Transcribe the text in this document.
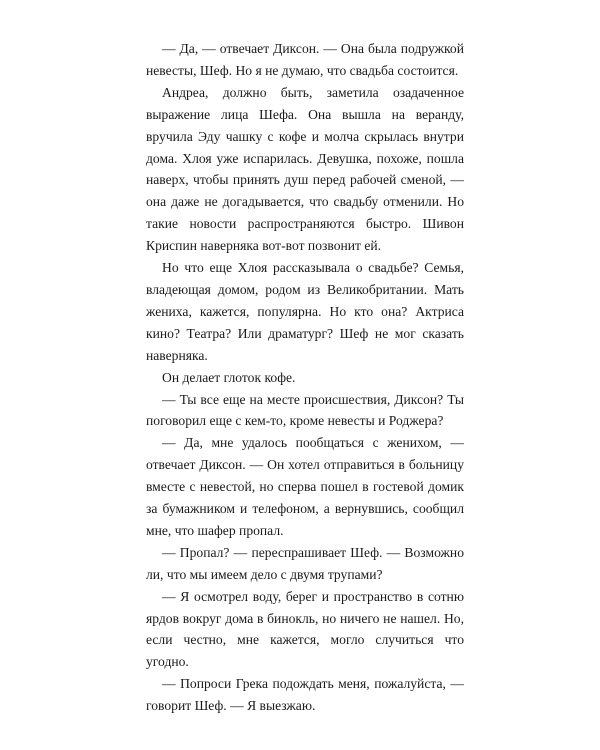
— Да, — отвечает Диксон. — Она была подружкой невесты, Шеф. Но я не думаю, что свадьба состоится.

Андреа, должно быть, заметила озадаченное выражение лица Шефа. Она вышла на веранду, вручила Эду чашку с кофе и молча скрылась внутри дома. Хлоя уже испарилась. Девушка, похоже, пошла наверх, чтобы принять душ перед рабочей сменой, — она даже не догадывается, что свадьбу отменили. Но такие новости распространяются быстро. Шивон Криспин наверняка вот-вот позвонит ей.

Но что еще Хлоя рассказывала о свадьбе? Семья, владеющая домом, родом из Великобритании. Мать жениха, кажется, популярна. Но кто она? Актриса кино? Театра? Или драматург? Шеф не мог сказать наверняка.

Он делает глоток кофе.

— Ты все еще на месте происшествия, Диксон? Ты поговорил еще с кем-то, кроме невесты и Роджера?

— Да, мне удалось пообщаться с женихом, — отвечает Диксон. — Он хотел отправиться в больницу вместе с невестой, но сперва пошел в гостевой домик за бумажником и телефоном, а вернувшись, сообщил мне, что шафер пропал.

— Пропал? — переспрашивает Шеф. — Возможно ли, что мы имеем дело с двумя трупами?

— Я осмотрел воду, берег и пространство в сотню ярдов вокруг дома в бинокль, но ничего не нашел. Но, если честно, мне кажется, могло случиться что угодно.

— Попроси Грека подождать меня, пожалуйста, — говорит Шеф. — Я выезжаю.
